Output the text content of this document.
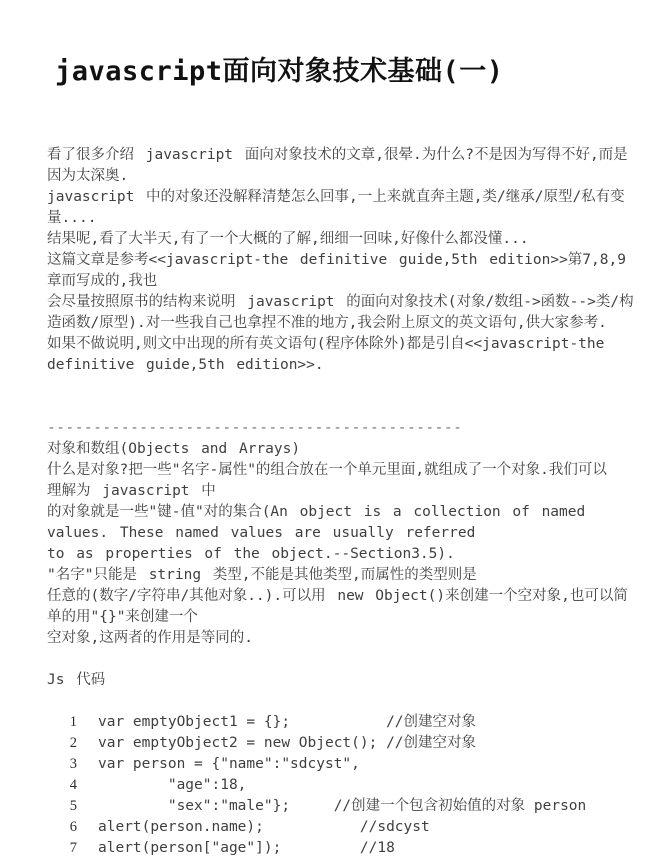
javascript面向对象技术基础(一)
看了很多介绍 javascript 面向对象技术的文章,很晕.为什么?不是因为写得不好,而是
因为太深奥.
javascript 中的对象还没解释清楚怎么回事,一上来就直奔主题,类/继承/原型/私有变
量....
结果呢,看了大半天,有了一个大概的了解,细细一回味,好像什么都没懂...
这篇文章是参考<<javascript-the definitive guide,5th edition>>第7,8,9
章而写成的,我也
会尽量按照原书的结构来说明 javascript 的面向对象技术(对象/数组->函数-->类/构
造函数/原型).对一些我自己也拿捏不准的地方,我会附上原文的英文语句,供大家参考.
如果不做说明,则文中出现的所有英文语句(程序体除外)都是引自<<javascript-the
definitive guide,5th edition>>.
---------------------------------------------
对象和数组(Objects and Arrays)
什么是对象?把一些"名字-属性"的组合放在一个单元里面,就组成了一个对象.我们可以
理解为 javascript 中
的对象就是一些"键-值"对的集合(An object is a collection of named
values. These named values are usually referred
to as properties of the object.--Section3.5).
"名字"只能是 string 类型,不能是其他类型,而属性的类型则是
任意的(数字/字符串/其他对象..).可以用 new Object()来创建一个空对象,也可以简
单的用"{}"来创建一个
空对象,这两者的作用是等同的.
Js 代码
1 var emptyObject1 = {};           //创建空对象
2 var emptyObject2 = new Object(); //创建空对象
3 var person = {"name":"sdcyst",
4 "age":18,
5 "sex":"male"};     //创建一个包含初始值的对象 person
6 alert(person.name);           //sdcyst
7 alert(person["age"]);         //18
